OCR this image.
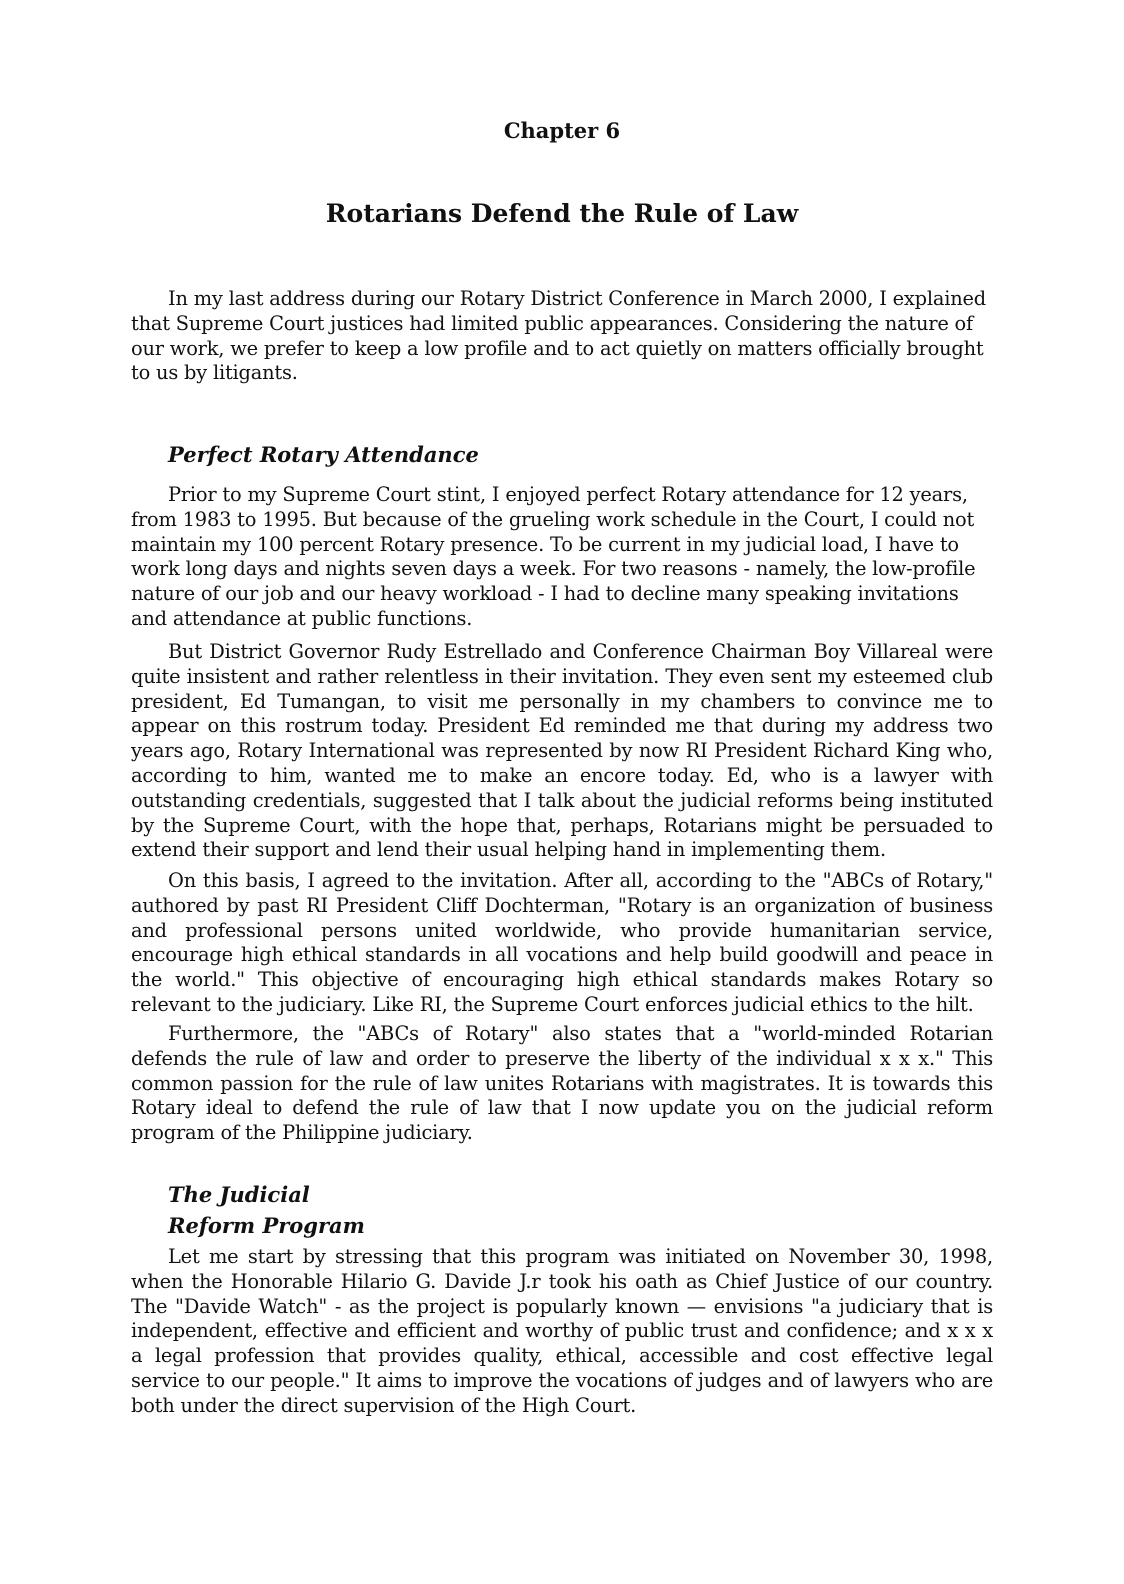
Chapter 6
Rotarians Defend the Rule of Law

In my last address during our Rotary District Conference in March 2000, I explained that Supreme Court justices had limited public appearances. Considering the nature of our work, we prefer to keep a low profile and to act quietly on matters officially brought to us by litigants.

Perfect Rotary Attendance

Prior to my Supreme Court stint, I enjoyed perfect Rotary attendance for 12 years, from 1983 to 1995. But because of the grueling work schedule in the Court, I could not maintain my 100 percent Rotary presence. To be current in my judicial load, I have to work long days and nights seven days a week. For two reasons - namely, the low-profile nature of our job and our heavy workload - I had to decline many speaking invitations and attendance at public functions.

But District Governor Rudy Estrellado and Conference Chairman Boy Villareal were quite insistent and rather relentless in their invitation. They even sent my esteemed club president, Ed Tumangan, to visit me personally in my chambers to convince me to appear on this rostrum today. President Ed reminded me that during my address two years ago, Rotary International was represented by now RI President Richard King who, according to him, wanted me to make an encore today. Ed, who is a lawyer with outstanding credentials, suggested that I talk about the judicial reforms being instituted by the Supreme Court, with the hope that, perhaps, Rotarians might be persuaded to extend their support and lend their usual helping hand in implementing them.

On this basis, I agreed to the invitation. After all, according to the "ABCs of Rotary," authored by past RI President Cliff Dochterman, "Rotary is an organization of business and professional persons united worldwide, who provide humanitarian service, encourage high ethical standards in all vocations and help build goodwill and peace in the world." This objective of encouraging high ethical standards makes Rotary so relevant to the judiciary. Like RI, the Supreme Court enforces judicial ethics to the hilt.

Furthermore, the "ABCs of Rotary" also states that a "world-minded Rotarian defends the rule of law and order to preserve the liberty of the individual x x x." This common passion for the rule of law unites Rotarians with magistrates. It is towards this Rotary ideal to defend the rule of law that I now update you on the judicial reform program of the Philippine judiciary.

The Judicial
Reform Program

Let me start by stressing that this program was initiated on November 30, 1998, when the Honorable Hilario G. Davide J.r took his oath as Chief Justice of our country. The "Davide Watch" - as the project is popularly known — envisions "a judiciary that is independent, effective and efficient and worthy of public trust and confidence; and x x x a legal profession that provides quality, ethical, accessible and cost effective legal service to our people." It aims to improve the vocations of judges and of lawyers who are both under the direct supervision of the High Court.
